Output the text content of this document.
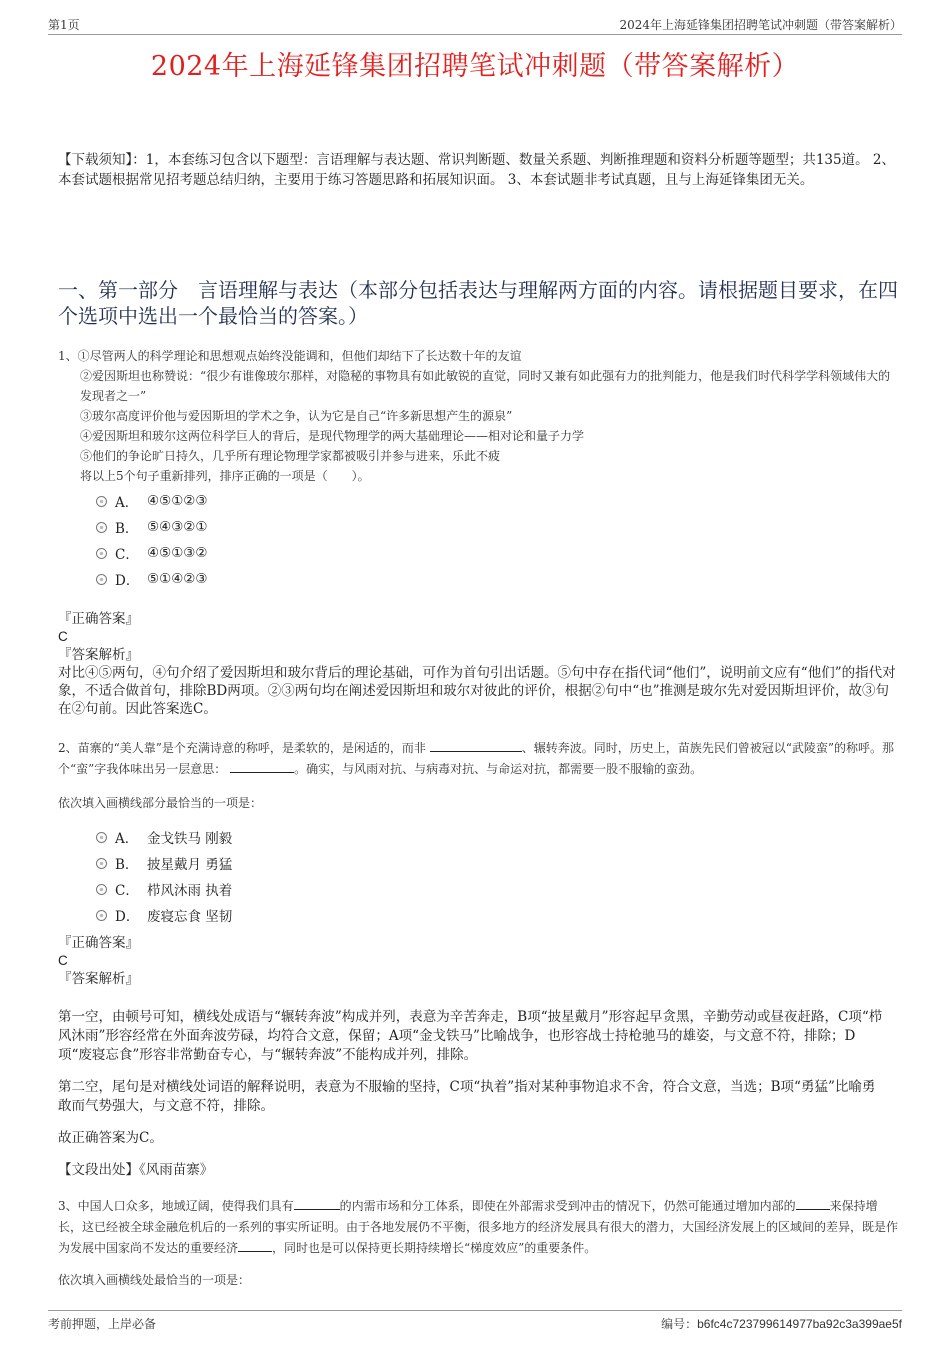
第1页	2024年上海延锋集团招聘笔试冲刺题（带答案解析）
2024年上海延锋集团招聘笔试冲刺题（带答案解析）
【下载须知】：1，本套练习包含以下题型：言语理解与表达题、常识判断题、数量关系题、判断推理题和资料分析题等题型；共135道。 2、本套试题根据常见招考题总结归纳，主要用于练习答题思路和拓展知识面。 3、本套试题非考试真题，且与上海延锋集团无关。
一、第一部分　言语理解与表达（本部分包括表达与理解两方面的内容。请根据题目要求，在四个选项中选出一个最恰当的答案。）

1、①尽管两人的科学理论和思想观点始终没能调和，但他们却结下了长达数十年的友谊

②爱因斯坦也称赞说：“很少有谁像玻尔那样，对隐秘的事物具有如此敏锐的直觉，同时又兼有如此强有力的批判能力，他是我们时代科学学科领域伟大的发现者之一”

③玻尔高度评价他与爱因斯坦的学术之争，认为它是自己“许多新思想产生的源泉”

④爱因斯坦和玻尔这两位科学巨人的背后，是现代物理学的两大基础理论——相对论和量子力学

⑤他们的争论旷日持久，几乎所有理论物理学家都被吸引并参与进来，乐此不疲

将以上5个句子重新排列，排序正确的一项是（　　）。

A． ④⑤①②③
B． ⑤④③②①
C． ④⑤①③②
D． ⑤①④②③

『正确答案』

C

『答案解析』

对比④⑤两句，④句介绍了爱因斯坦和玻尔背后的理论基础，可作为首句引出话题。⑤句中存在指代词“他们”，说明前文应有“他们”的指代对象，不适合做首句，排除BD两项。②③两句均在阐述爱因斯坦和玻尔对彼此的评价，根据②句中“也”推测是玻尔先对爱因斯坦评价，故③句在②句前。因此答案选C。

2、苗寨的“美人靠”是个充满诗意的称呼，是柔软的，是闲适的，而非	、辗转奔波。同时，历史上，苗族先民们曾被冠以“武陵蛮”的称呼。那个“蛮”字我体味出另一层意思：	。确实，与风雨对抗、与病毒对抗、与命运对抗，都需要一股不服输的蛮劲。
依次填入画横线部分最恰当的一项是：
A． 金戈铁马 刚毅
B． 披星戴月 勇猛
C． 栉风沐雨 执着
D． 废寝忘食 坚韧

『正确答案』

C

『答案解析』

第一空，由顿号可知，横线处成语与“辗转奔波”构成并列，表意为辛苦奔走，B项“披星戴月”形容起早贪黑，辛勤劳动或昼夜赶路，C项“栉风沐雨”形容经常在外面奔波劳碌，均符合文意，保留；A项“金戈铁马”比喻战争，也形容战士持枪驰马的雄姿，与文意不符，排除；D项“废寝忘食”形容非常勤奋专心，与“辗转奔波”不能构成并列，排除。
第二空，尾句是对横线处词语的解释说明，表意为不服输的坚持，C项“执着”指对某种事物追求不舍，符合文意，当选；B项“勇猛”比喻勇敢而气势强大，与文意不符，排除。
故正确答案为C。
【文段出处】《风雨苗寨》
3、中国人口众多，地域辽阔，使得我们具有	的内需市场和分工体系，即使在外部需求受到冲击的情况下，仍然可能通过增加内部的	来保持增长，这已经被全球金融危机后的一系列的事实所证明。由于各地发展仍不平衡，很多地方的经济发展具有很大的潜力，大国经济发展上的区域间的差异，既是作为发展中国家尚不发达的重要经济	，同时也是可以保持更长期持续增长“梯度效应”的重要条件。
依次填入画横线处最恰当的一项是：
考前押题，上岸必备	编号：b6fc4c723799614977ba92c3a399ae5f
